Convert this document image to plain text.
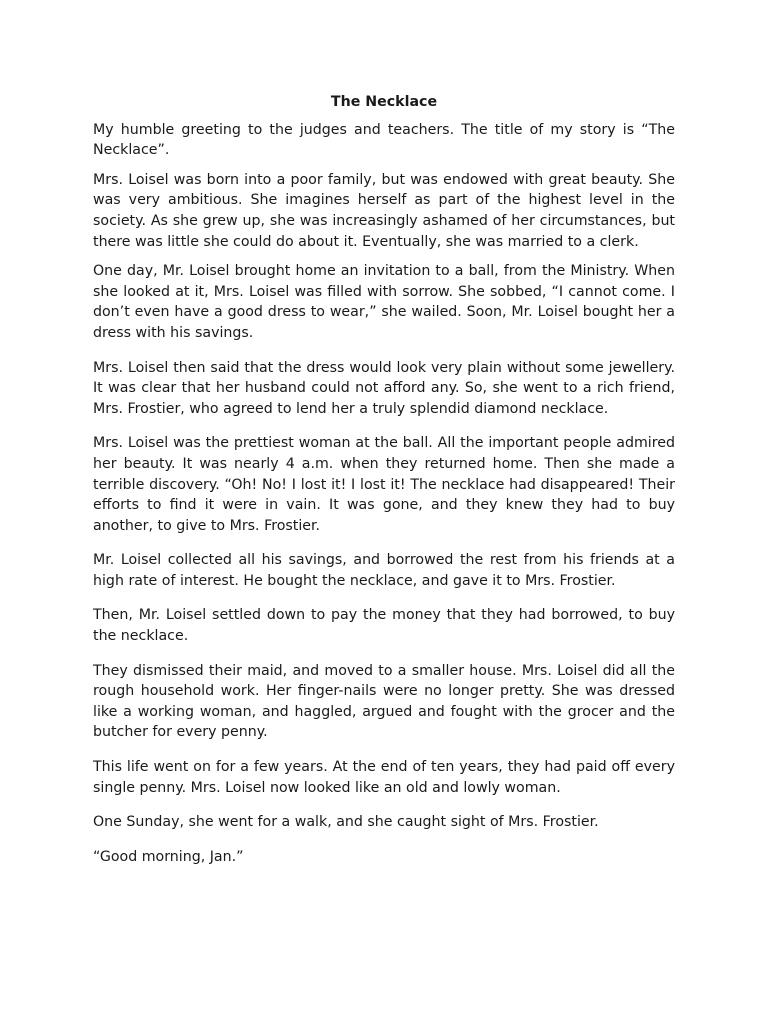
The Necklace

My humble greeting to the judges and teachers. The title of my story is “The Necklace”.

Mrs. Loisel was born into a poor family, but was endowed with great beauty. She was very ambitious. She imagines herself as part of the highest level in the society. As she grew up, she was increasingly ashamed of her circumstances, but there was little she could do about it. Eventually, she was married to a clerk.

One day, Mr. Loisel brought home an invitation to a ball, from the Ministry. When she looked at it, Mrs. Loisel was filled with sorrow. She sobbed, “I cannot come. I don’t even have a good dress to wear,” she wailed. Soon, Mr. Loisel bought her a dress with his savings.

Mrs. Loisel then said that the dress would look very plain without some jewellery. It was clear that her husband could not afford any. So, she went to a rich friend, Mrs. Frostier, who agreed to lend her a truly splendid diamond necklace.

Mrs. Loisel was the prettiest woman at the ball. All the important people admired her beauty. It was nearly 4 a.m. when they returned home. Then she made a terrible discovery. “Oh! No! I lost it! I lost it! The necklace had disappeared! Their efforts to find it were in vain. It was gone, and they knew they had to buy another, to give to Mrs. Frostier.

Mr. Loisel collected all his savings, and borrowed the rest from his friends at a high rate of interest. He bought the necklace, and gave it to Mrs. Frostier.

Then, Mr. Loisel settled down to pay the money that they had borrowed, to buy the necklace.

They dismissed their maid, and moved to a smaller house. Mrs. Loisel did all the rough household work. Her finger-nails were no longer pretty. She was dressed like a working woman, and haggled, argued and fought with the grocer and the butcher for every penny.

This life went on for a few years. At the end of ten years, they had paid off every single penny. Mrs. Loisel now looked like an old and lowly woman.

One Sunday, she went for a walk, and she caught sight of Mrs. Frostier.

“Good morning, Jan.”
